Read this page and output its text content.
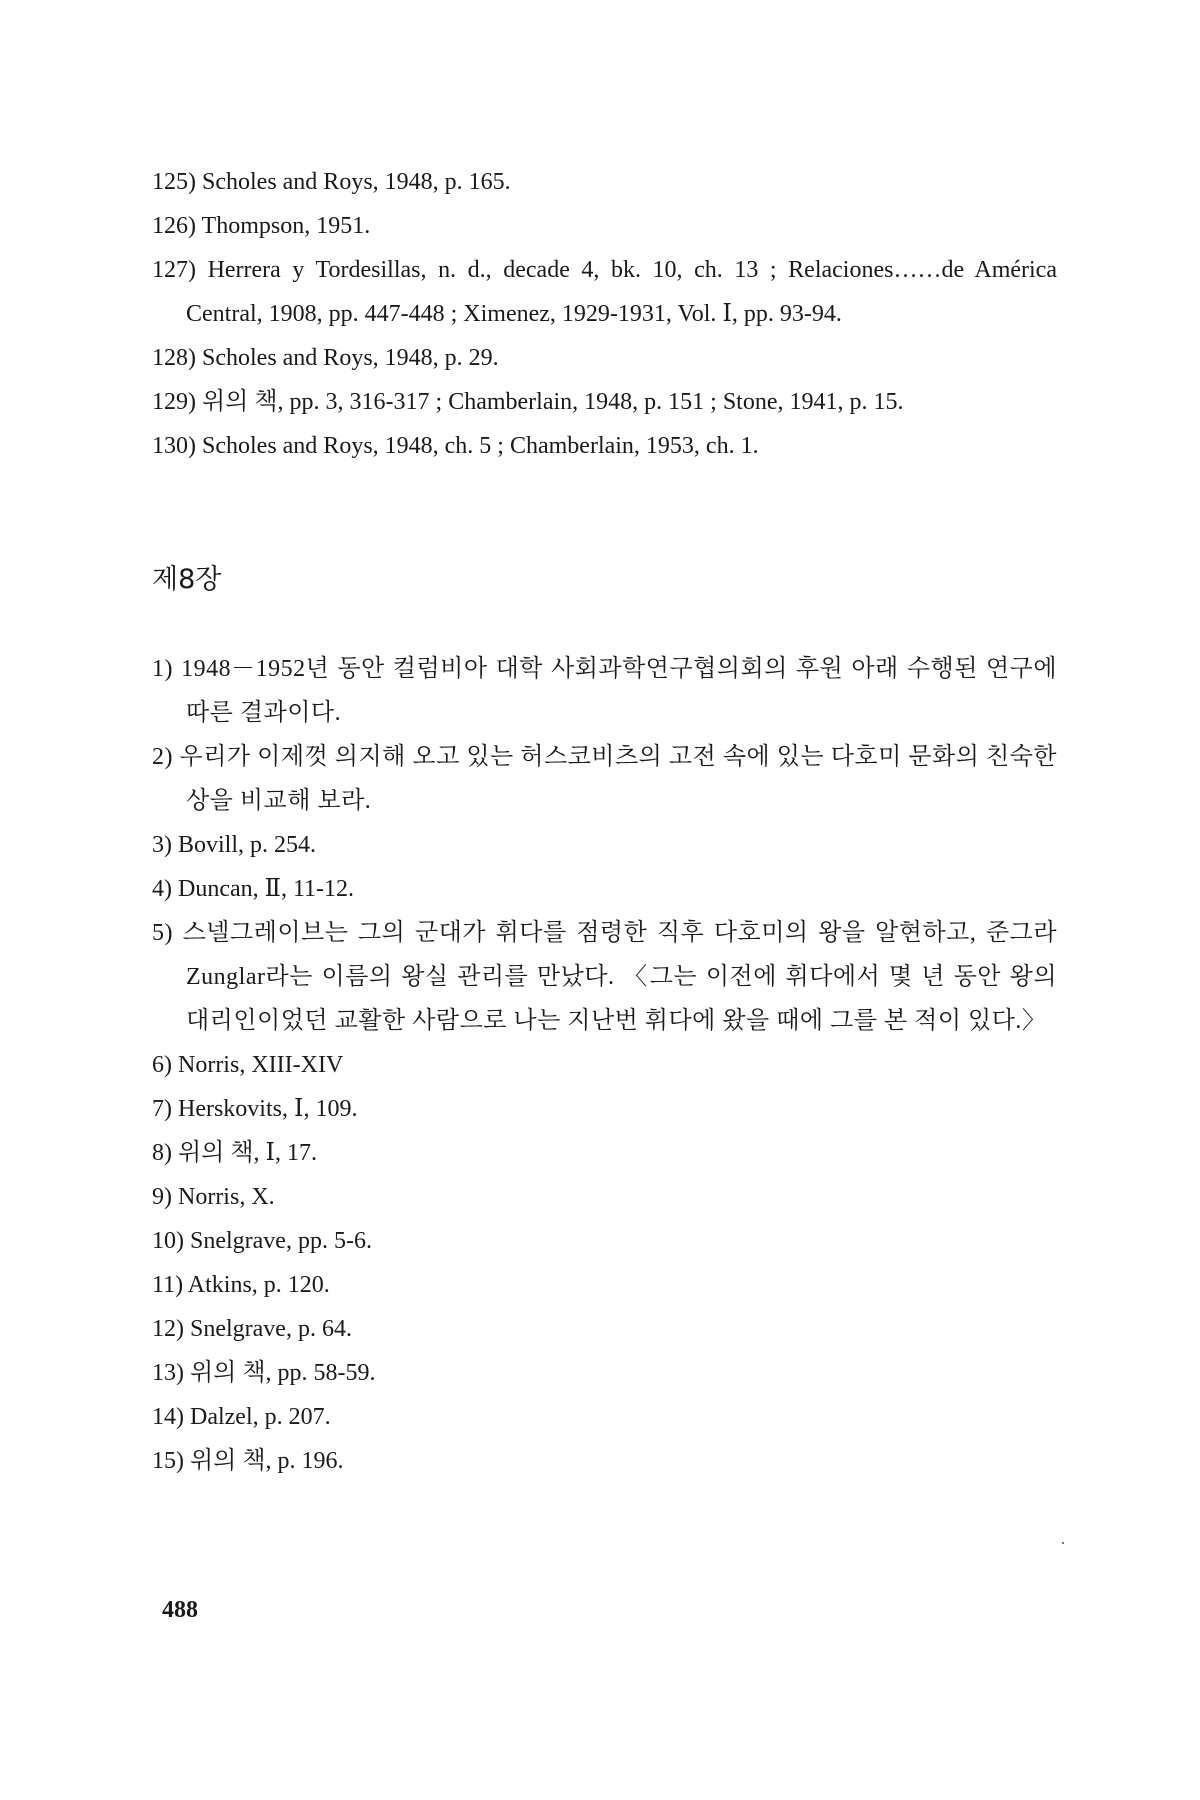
125) Scholes and Roys, 1948, p. 165.
126) Thompson, 1951.
127) Herrera y Tordesillas, n. d., decade 4, bk. 10, ch. 13 ; Relaciones……de América Central, 1908, pp. 447-448 ; Ximenez, 1929-1931, Vol. Ⅰ, pp. 93-94.
128) Scholes and Roys, 1948, p. 29.
129) 위의 책, pp. 3, 316-317 ; Chamberlain, 1948, p. 151 ; Stone, 1941, p. 15.
130) Scholes and Roys, 1948, ch. 5 ; Chamberlain, 1953, ch. 1.
제8장
1) 1948－1952년 동안 컬럼비아 대학 사회과학연구협의회의 후원 아래 수행된 연구에 따른 결과이다.
2) 우리가 이제껏 의지해 오고 있는 허스코비츠의 고전 속에 있는 다호미 문화의 친숙한 상을 비교해 보라.
3) Bovill, p. 254.
4) Duncan, Ⅱ, 11-12.
5) 스넬그레이브는 그의 군대가 휘다를 점령한 직후 다호미의 왕을 알현하고, 준그라Zunglar라는 이름의 왕실 관리를 만났다. 〈그는 이전에 휘다에서 몇 년 동안 왕의 대리인이었던 교활한 사람으로 나는 지난번 휘다에 왔을 때에 그를 본 적이 있다.〉
6) Norris, XIII-XIV
7) Herskovits, Ⅰ, 109.
8) 위의 책, Ⅰ, 17.
9) Norris, X.
10) Snelgrave, pp. 5-6.
11) Atkins, p. 120.
12) Snelgrave, p. 64.
13) 위의 책, pp. 58-59.
14) Dalzel, p. 207.
15) 위의 책, p. 196.
488
